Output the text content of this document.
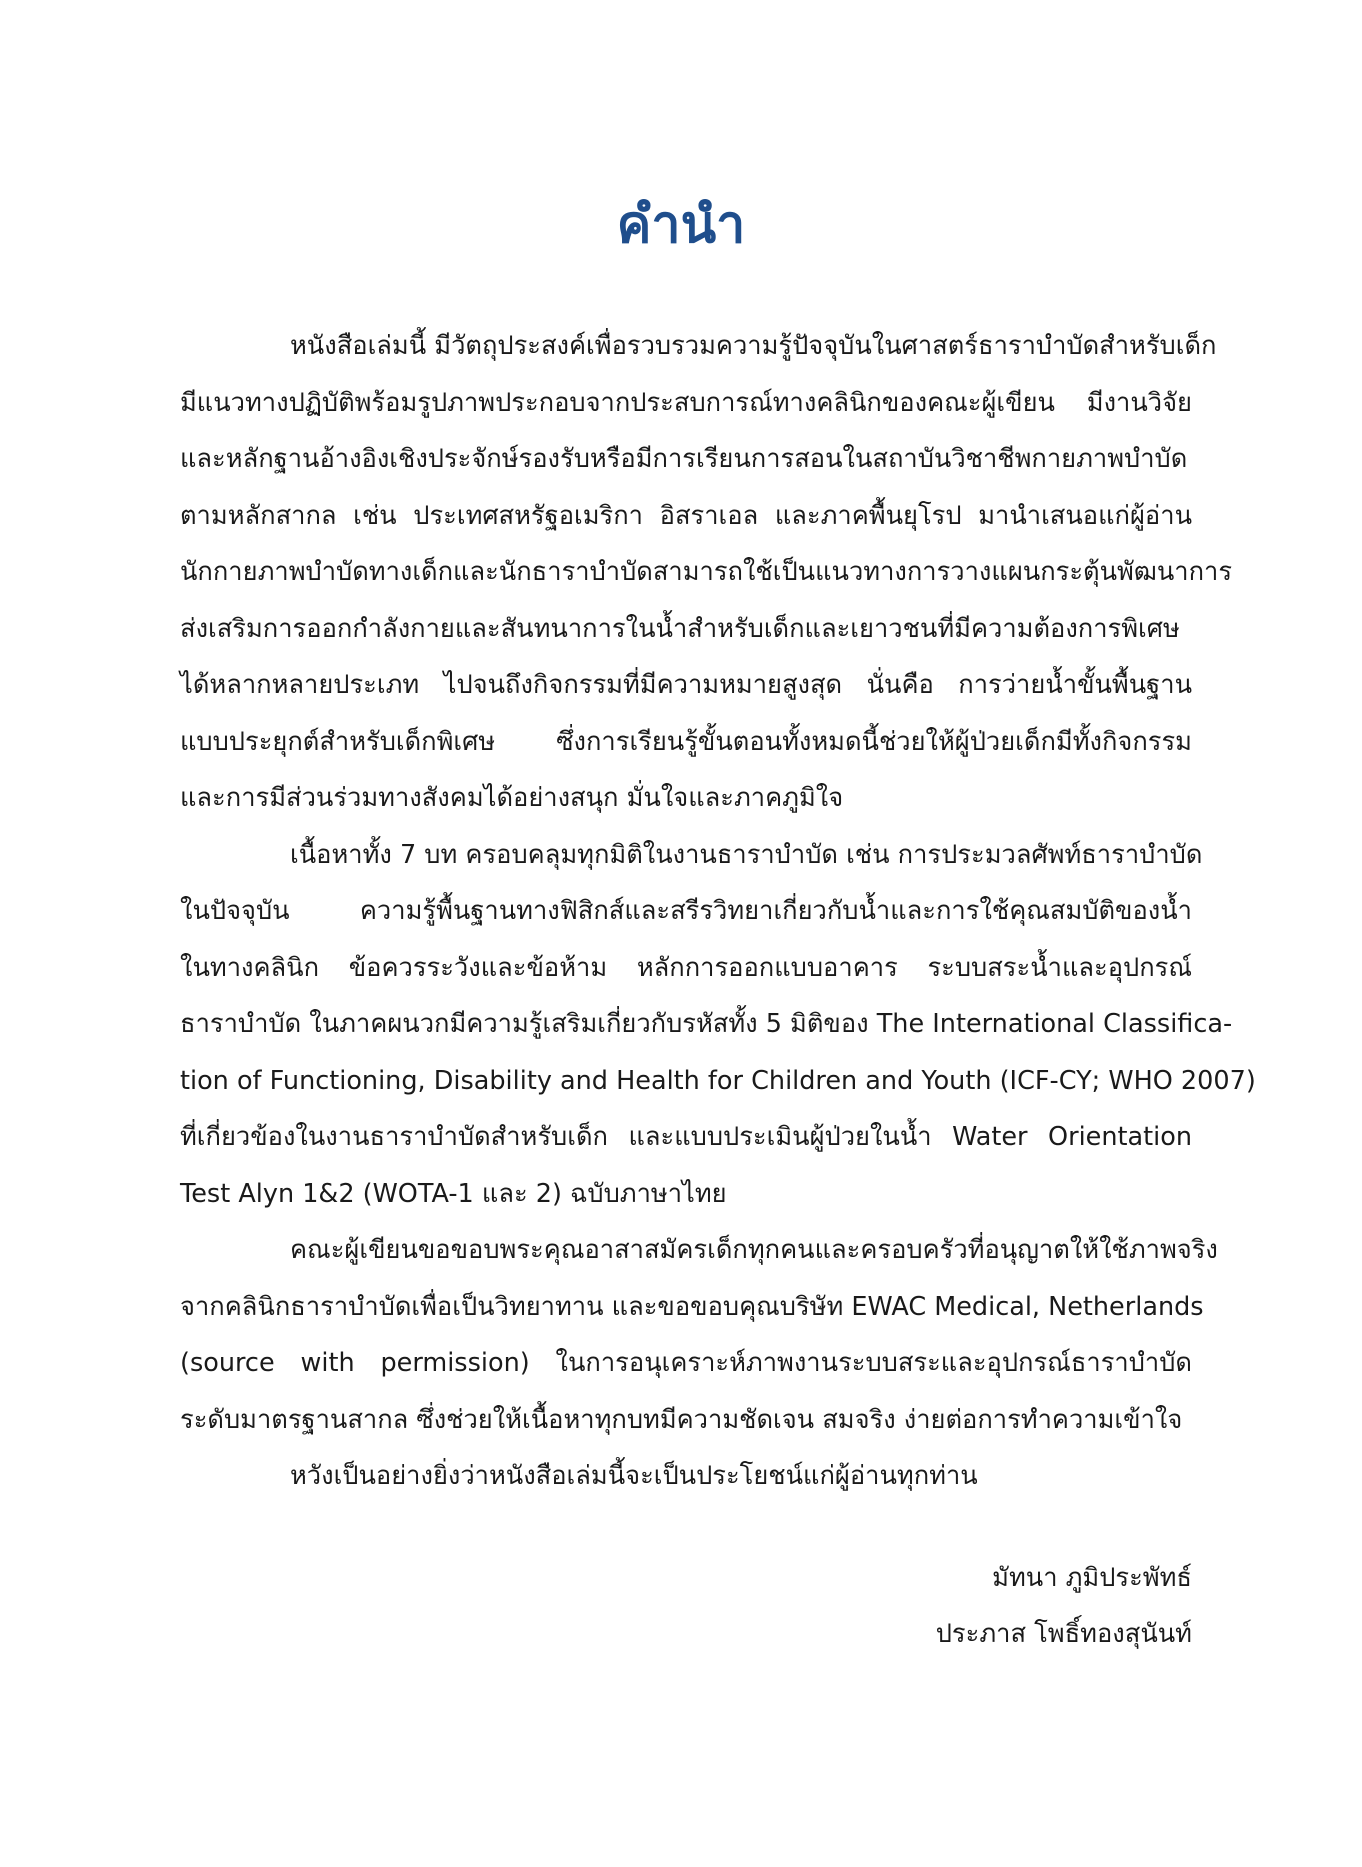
คำนำ
หนังสือเล่มนี้ มีวัตถุประสงค์เพื่อรวบรวมความรู้ปัจจุบันในศาสตร์ธาราบำบัดสำหรับเด็ก
มีแนวทางปฏิบัติพร้อมรูปภาพประกอบจากประสบการณ์ทางคลินิกของคณะผู้เขียน มีงานวิจัย
และหลักฐานอ้างอิงเชิงประจักษ์รองรับหรือมีการเรียนการสอนในสถาบันวิชาชีพกายภาพบำบัด
ตามหลักสากล เช่น ประเทศสหรัฐอเมริกา อิสราเอล และภาคพื้นยุโรป มานำเสนอแก่ผู้อ่าน
นักกายภาพบำบัดทางเด็กและนักธาราบำบัดสามารถใช้เป็นแนวทางการวางแผนกระตุ้นพัฒนาการ
ส่งเสริมการออกกำลังกายและสันทนาการในน้ำสำหรับเด็กและเยาวชนที่มีความต้องการพิเศษ
ได้หลากหลายประเภท ไปจนถึงกิจกรรมที่มีความหมายสูงสุด นั่นคือ การว่ายน้ำขั้นพื้นฐาน
แบบประยุกต์สำหรับเด็กพิเศษ ซึ่งการเรียนรู้ขั้นตอนทั้งหมดนี้ช่วยให้ผู้ป่วยเด็กมีทั้งกิจกรรม
และการมีส่วนร่วมทางสังคมได้อย่างสนุก มั่นใจและภาคภูมิใจ
เนื้อหาทั้ง 7 บท ครอบคลุมทุกมิติในงานธาราบำบัด เช่น การประมวลศัพท์ธาราบำบัด
ในปัจจุบัน ความรู้พื้นฐานทางฟิสิกส์และสรีรวิทยาเกี่ยวกับน้ำและการใช้คุณสมบัติของน้ำ
ในทางคลินิก ข้อควรระวังและข้อห้าม หลักการออกแบบอาคาร ระบบสระน้ำและอุปกรณ์
ธาราบำบัด ในภาคผนวกมีความรู้เสริมเกี่ยวกับรหัสทั้ง 5 มิติของ The International Classifica-
tion of Functioning, Disability and Health for Children and Youth (ICF-CY; WHO 2007)
ที่เกี่ยวข้องในงานธาราบำบัดสำหรับเด็ก และแบบประเมินผู้ป่วยในน้ำ Water Orientation
Test Alyn 1&2 (WOTA-1 และ 2) ฉบับภาษาไทย
คณะผู้เขียนขอขอบพระคุณอาสาสมัครเด็กทุกคนและครอบครัวที่อนุญาตให้ใช้ภาพจริง
จากคลินิกธาราบำบัดเพื่อเป็นวิทยาทาน และขอขอบคุณบริษัท EWAC Medical, Netherlands
(source with permission) ในการอนุเคราะห์ภาพงานระบบสระและอุปกรณ์ธาราบำบัด
ระดับมาตรฐานสากล ซึ่งช่วยให้เนื้อหาทุกบทมีความชัดเจน สมจริง ง่ายต่อการทำความเข้าใจ
หวังเป็นอย่างยิ่งว่าหนังสือเล่มนี้จะเป็นประโยชน์แก่ผู้อ่านทุกท่าน
มัทนา ภูมิประพัทธ์
ประภาส โพธิ์ทองสุนันท์
